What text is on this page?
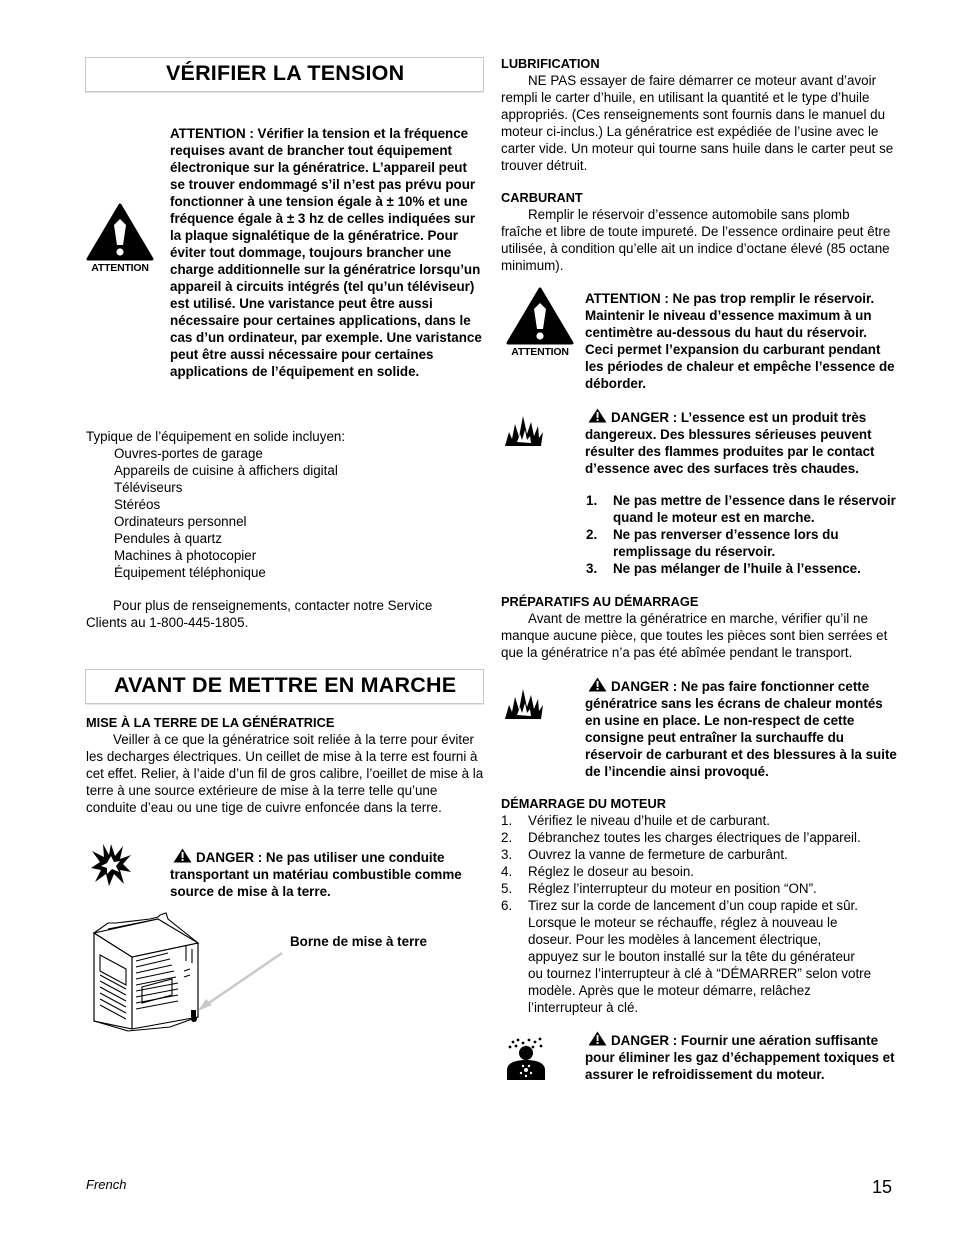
VÉRIFIER LA TENSION
ATTENTION
ATTENTION : Vérifier la tension et la fréquence requises avant de brancher tout équipement électronique sur la génératrice. L’appareil peut se trouver endommagé s’il n’est pas prévu pour fonctionner à une tension égale à ± 10% et une fréquence égale à ± 3 hz de celles indiquées sur la plaque signalétique de la génératrice. Pour éviter tout dommage, toujours brancher une charge additionnelle sur la génératrice lorsqu’un appareil à circuits intégrés (tel qu’un téléviseur) est utilisé. Une varistance peut être aussi nécessaire pour certaines applications, dans le cas d’un ordinateur, par exemple. Une varistance peut être aussi nécessaire pour certaines applications de l’équipement en solide.
Typique de l’équipement en solide incluyen:
Ouvres-portes de garage
Appareils de cuisine à affichers digital
Téléviseurs
Stéréos
Ordinateurs personnel
Pendules à quartz
Machines à photocopier
Équipement téléphonique
Pour plus de renseignements, contacter notre Service Clients au 1-800-445-1805.
AVANT DE METTRE EN MARCHE
MISE À LA TERRE DE LA GÉNÉRATRICE
Veiller à ce que la génératrice soit reliée à la terre pour éviter les decharges électriques. Un ceillet de mise à la terre est fourni à cet effet. Relier, à l’aide d’un fil de gros calibre, l’oeillet de mise à la terre à une source extérieure de mise à la terre telle qu’une conduite d’eau ou une tige de cuivre enfoncée dans la terre.
DANGER : Ne pas utiliser une conduite transportant un matériau combustible comme source de mise à la terre.
Borne de mise à terre
LUBRIFICATION
NE PAS essayer de faire démarrer ce moteur avant d’avoir rempli le carter d’huile, en utilisant la quantité et le type d’huile appropriés. (Ces renseignements sont fournis dans le manuel du moteur ci-inclus.) La génératrice est expédiée de l’usine avec le carter vide. Un moteur qui tourne sans huile dans le carter peut se trouver détruit.
CARBURANT
Remplir le réservoir d’essence automobile sans plomb fraîche et libre de toute impureté. De l’essence ordinaire peut être utilisée, à condition qu’elle ait un indice d’octane élevé (85 octane minimum).
ATTENTION
ATTENTION : Ne pas trop remplir le réservoir. Maintenir le niveau d’essence maximum à un centimètre au-dessous du haut du réservoir. Ceci permet l’expansion du carburant pendant les périodes de chaleur et empêche l’essence de déborder.
DANGER : L’essence est un produit très dangereux. Des blessures sérieuses peuvent résulter des flammes produites par le contact d’essence avec des surfaces très chaudes.
1. Ne pas mettre de l’essence dans le réservoir quand le moteur est en marche.
2. Ne pas renverser d’essence lors du remplissage du réservoir.
3. Ne pas mélanger de l’huile à l’essence.
PRÉPARATIFS AU DÉMARRAGE
Avant de mettre la génératrice en marche, vérifier qu’il ne manque aucune pièce, que toutes les pièces sont bien serrées et que la génératrice n’a pas été abîmée pendant le transport.
DANGER : Ne pas faire fonctionner cette génératrice sans les écrans de chaleur montés en usine en place. Le non-respect de cette consigne peut entraîner la surchauffe du réservoir de carburant et des blessures à la suite de l’incendie ainsi provoqué.
DÉMARRAGE DU MOTEUR
1. Vérifiez le niveau d’huile et de carburant.
2. Débranchez toutes les charges électriques de l’appareil.
3. Ouvrez la vanne de fermeture de carburânt.
4. Réglez le doseur au besoin.
5. Réglez l’interrupteur du moteur en position “ON”.
6. Tirez sur la corde de lancement d’un coup rapide et sûr. Lorsque le moteur se réchauffe, réglez à nouveau le doseur. Pour les modèles à lancement électrique, appuyez sur le bouton installé sur la tête du générateur ou tournez l’interrupteur à clé à “DÉMARRER” selon votre modèle. Après que le moteur démarre, relâchez l’interrupteur à clé.
DANGER : Fournir une aération suffisante pour éliminer les gaz d’échappement toxiques et assurer le refroidissement du moteur.
French	15
